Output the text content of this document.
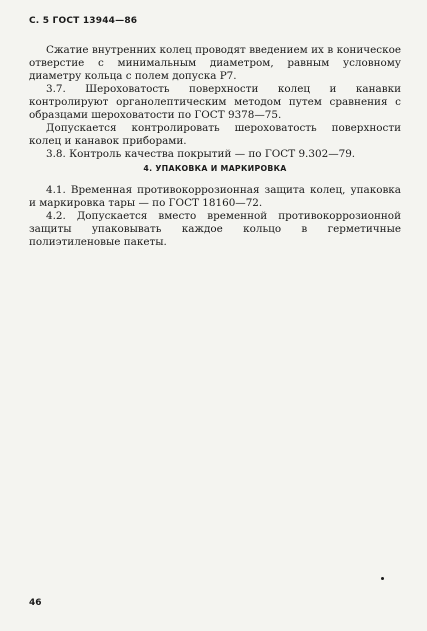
С. 5 ГОСТ 13944—86

Сжатие внутренних колец проводят введением их в коническое отверстие с минимальным диаметром, равным условному диаметру кольца с полем допуска Р7.

3.7. Шероховатость поверхности колец и канавки контролируют органолептическим методом путем сравнения с образцами шероховатости по ГОСТ 9378—75.

Допускается контролировать шероховатость поверхности колец и канавок приборами.

3.8. Контроль качества покрытий — по ГОСТ 9.302—79.

4. УПАКОВКА И МАРКИРОВКА

4.1. Временная противокоррозионная защита колец, упаковка и маркировка тары — по ГОСТ 18160—72.

4.2. Допускается вместо временной противокоррозионной защиты упаковывать каждое кольцо в герметичные полиэтиленовые пакеты.

46
